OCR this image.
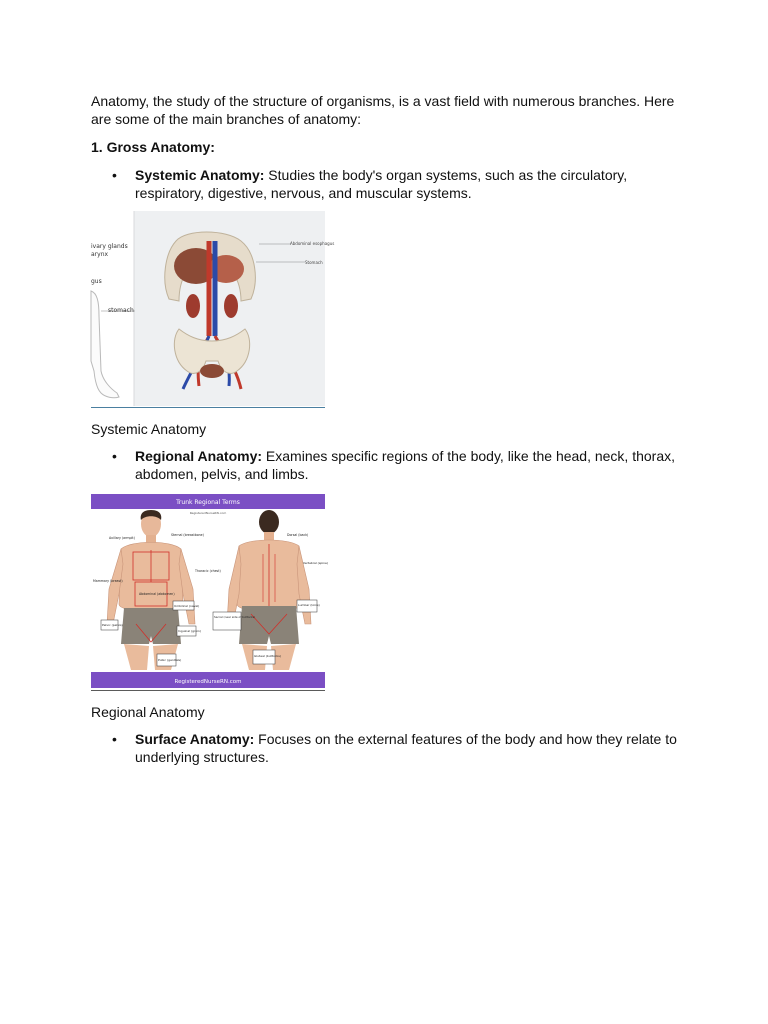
Anatomy, the study of the structure of organisms, is a vast field with numerous branches. Here are some of the main branches of anatomy:

1. Gross Anatomy:

•	Systemic Anatomy: Studies the body's organ systems, such as the circulatory, respiratory, digestive, nervous, and muscular systems.
ivary glands
arynx
gus
stomach
Abdominal esophagus
Stomach

Systemic Anatomy

•	Regional Anatomy: Examines specific regions of the body, like the head, neck, thorax, abdomen, pelvis, and limbs.
Trunk Regional Terms
RegisteredNurseRN.com
Axillary (armpit)
Sternal (breastbone)
Thoracic (chest)
Mammary (breast)
Abdominal (abdomen)
Umbilical (navel)
Pelvic (pelvis)
Inguinal (groin)
Pubic (genitals)
Dorsal (back)
Vertebral (spine)
Lumbar (loins)
Sacral (near side of buttocks)
Gluteal (buttocks)
RegisteredNurseRN.com

Regional Anatomy

•	Surface Anatomy: Focuses on the external features of the body and how they relate to underlying structures.
